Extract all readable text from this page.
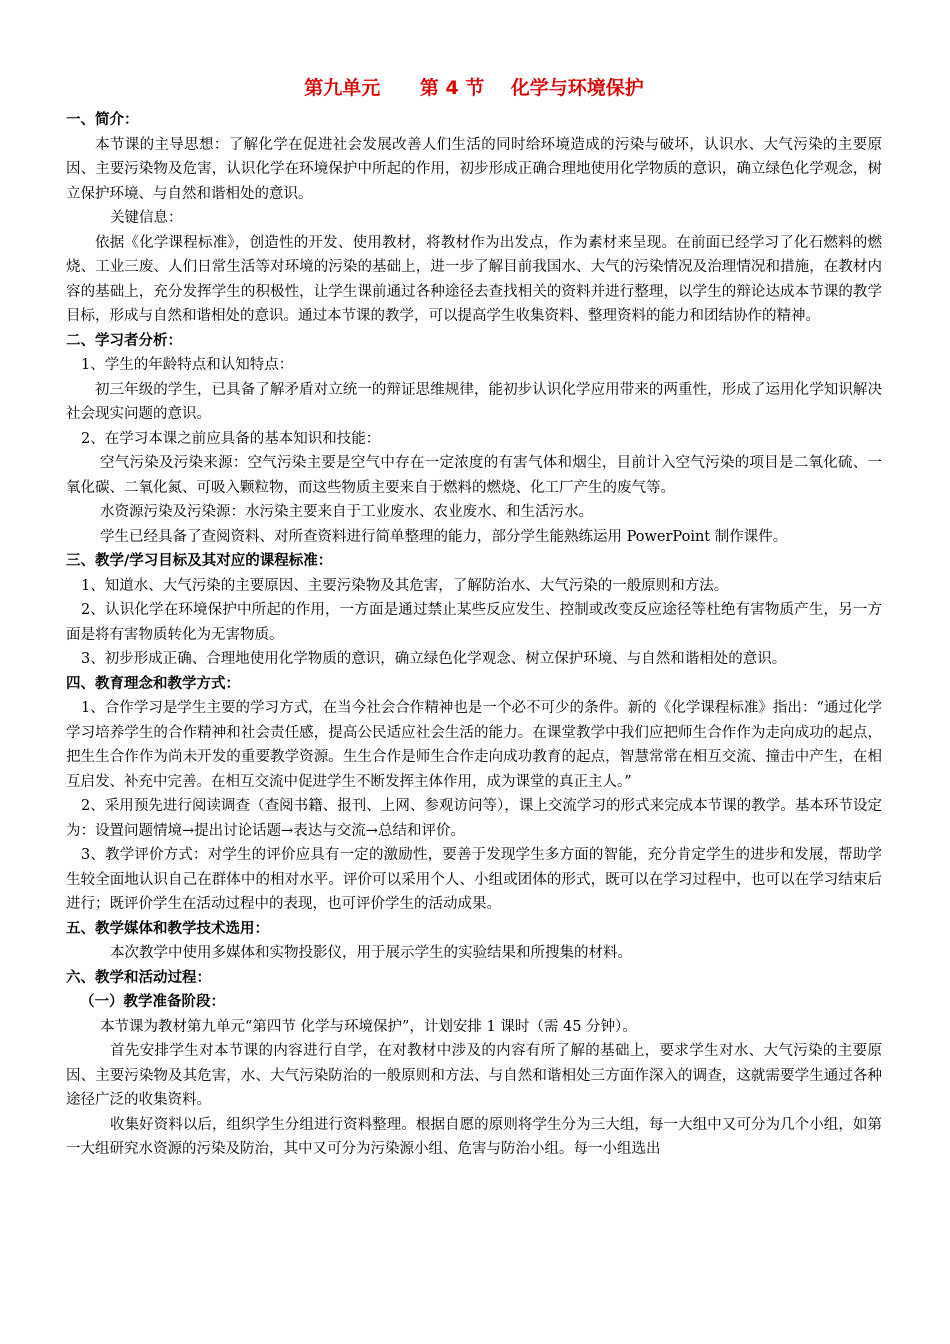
第九单元      第 4 节    化学与环境保护
一、简介：

本节课的主导思想：了解化学在促进社会发展改善人们生活的同时给环境造成的污染与破坏，认识水、大气污染的主要原因、主要污染物及危害，认识化学在环境保护中所起的作用，初步形成正确合理地使用化学物质的意识，确立绿色化学观念，树立保护环境、与自然和谐相处的意识。

关键信息：

依据《化学课程标准》，创造性的开发、使用教材，将教材作为出发点，作为素材来呈现。在前面已经学习了化石燃料的燃烧、工业三废、人们日常生活等对环境的污染的基础上，进一步了解目前我国水、大气的污染情况及治理情况和措施，在教材内容的基础上，充分发挥学生的积极性，让学生课前通过各种途径去查找相关的资料并进行整理，以学生的辩论达成本节课的教学目标，形成与自然和谐相处的意识。通过本节课的教学，可以提高学生收集资料、整理资料的能力和团结协作的精神。

二、学习者分析：

1、学生的年龄特点和认知特点：

初三年级的学生，已具备了解矛盾对立统一的辩证思维规律，能初步认识化学应用带来的两重性，形成了运用化学知识解决社会现实问题的意识。

2、在学习本课之前应具备的基本知识和技能：

空气污染及污染来源：空气污染主要是空气中存在一定浓度的有害气体和烟尘，目前计入空气污染的项目是二氧化硫、一氧化碳、二氧化氮、可吸入颗粒物，而这些物质主要来自于燃料的燃烧、化工厂产生的废气等。

水资源污染及污染源：水污染主要来自于工业废水、农业废水、和生活污水。

学生已经具备了查阅资料、对所查资料进行简单整理的能力，部分学生能熟练运用 PowerPoint 制作课件。

三、教学/学习目标及其对应的课程标准：

1、知道水、大气污染的主要原因、主要污染物及其危害，了解防治水、大气污染的一般原则和方法。

2、认识化学在环境保护中所起的作用，一方面是通过禁止某些反应发生、控制或改变反应途径等杜绝有害物质产生，另一方面是将有害物质转化为无害物质。

3、初步形成正确、合理地使用化学物质的意识，确立绿色化学观念、树立保护环境、与自然和谐相处的意识。

四、教育理念和教学方式：

1、合作学习是学生主要的学习方式，在当今社会合作精神也是一个必不可少的条件。新的《化学课程标准》指出：“通过化学学习培养学生的合作精神和社会责任感，提高公民适应社会生活的能力。在课堂教学中我们应把师生合作作为走向成功的起点，把生生合作作为尚未开发的重要教学资源。生生合作是师生合作走向成功教育的起点，智慧常常在相互交流、撞击中产生，在相互启发、补充中完善。在相互交流中促进学生不断发挥主体作用，成为课堂的真正主人。”

2、采用预先进行阅读调查（查阅书籍、报刊、上网、参观访问等），课上交流学习的形式来完成本节课的教学。基本环节设定为：设置问题情境→提出讨论话题→表达与交流→总结和评价。

3、教学评价方式：对学生的评价应具有一定的激励性，要善于发现学生多方面的智能，充分肯定学生的进步和发展，帮助学生较全面地认识自己在群体中的相对水平。评价可以采用个人、小组或团体的形式，既可以在学习过程中，也可以在学习结束后进行；既评价学生在活动过程中的表现，也可评价学生的活动成果。

五、教学媒体和教学技术选用：

本次教学中使用多媒体和实物投影仪，用于展示学生的实验结果和所搜集的材料。

六、教学和活动过程：
（一）教学准备阶段：

本节课为教材第九单元“第四节 化学与环境保护”，计划安排 1 课时（需 45 分钟）。

首先安排学生对本节课的内容进行自学，在对教材中涉及的内容有所了解的基础上，要求学生对水、大气污染的主要原因、主要污染物及其危害，水、大气污染防治的一般原则和方法、与自然和谐相处三方面作深入的调查，这就需要学生通过各种途径广泛的收集资料。

收集好资料以后，组织学生分组进行资料整理。根据自愿的原则将学生分为三大组，每一大组中又可分为几个小组，如第一大组研究水资源的污染及防治，其中又可分为污染源小组、危害与防治小组。每一小组选出
